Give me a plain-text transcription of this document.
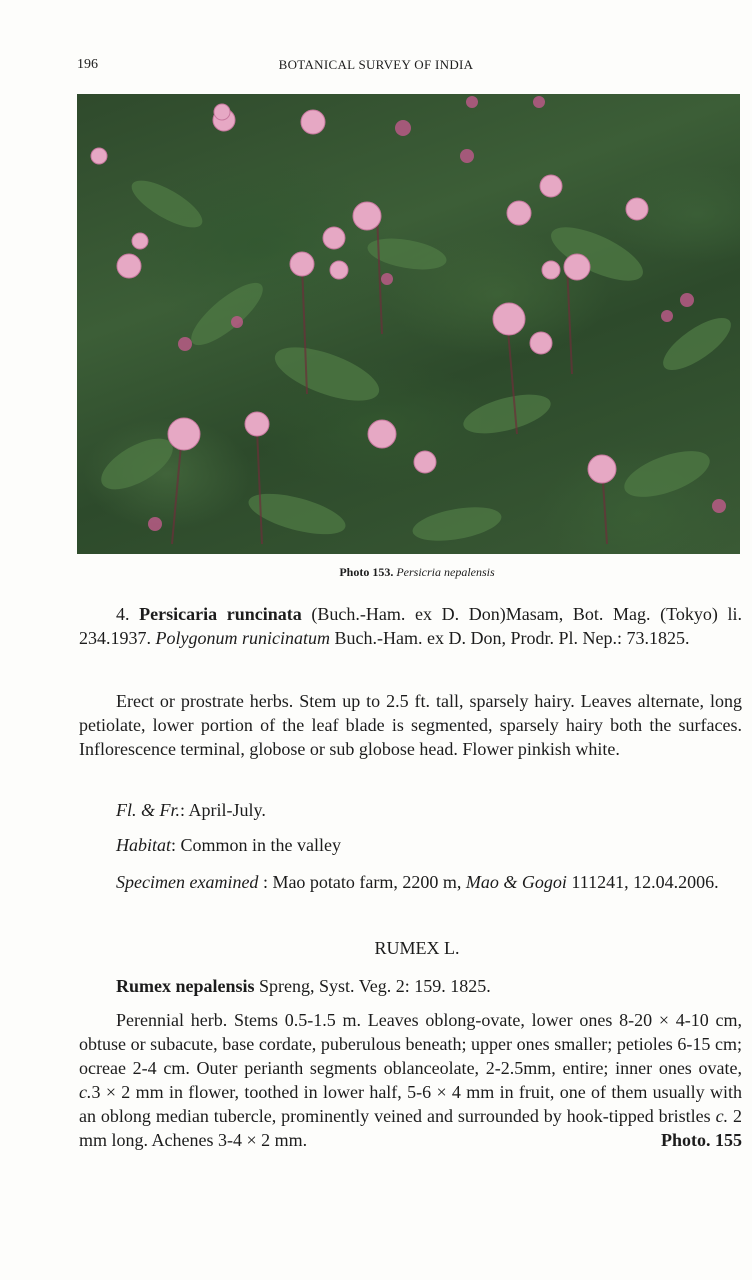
196	BOTANICAL SURVEY OF INDIA
Photo 153. Persicria nepalensis
4. Persicaria runcinata (Buch.-Ham. ex D. Don)Masam, Bot. Mag. (Tokyo) li. 234.1937. Polygonum runicinatum Buch.-Ham. ex D. Don, Prodr. Pl. Nep.: 73.1825.
Erect or prostrate herbs. Stem up to 2.5 ft. tall, sparsely hairy. Leaves alternate, long petiolate, lower portion of the leaf blade is segmented, sparsely hairy both the surfaces. Inflorescence terminal, globose or sub globose head. Flower pinkish white.
Fl. & Fr.: April-July.
Habitat: Common in the valley
Specimen examined : Mao potato farm, 2200 m, Mao & Gogoi 111241, 12.04.2006.
RUMEX L.
Rumex nepalensis Spreng, Syst. Veg. 2: 159. 1825.
Perennial herb. Stems 0.5-1.5 m. Leaves oblong-ovate, lower ones 8-20 × 4-10 cm, obtuse or subacute, base cordate, puberulous beneath; upper ones smaller; petioles 6-15 cm; ocreae 2-4 cm. Outer perianth segments oblanceolate, 2-2.5mm, entire; inner ones ovate, c.3 × 2 mm in flower, toothed in lower half, 5-6 × 4 mm in fruit, one of them usually with an oblong median tubercle, prominently veined and surrounded by hook-tipped bristles c. 2 mm long. Achenes 3-4 × 2 mm.	Photo. 155
